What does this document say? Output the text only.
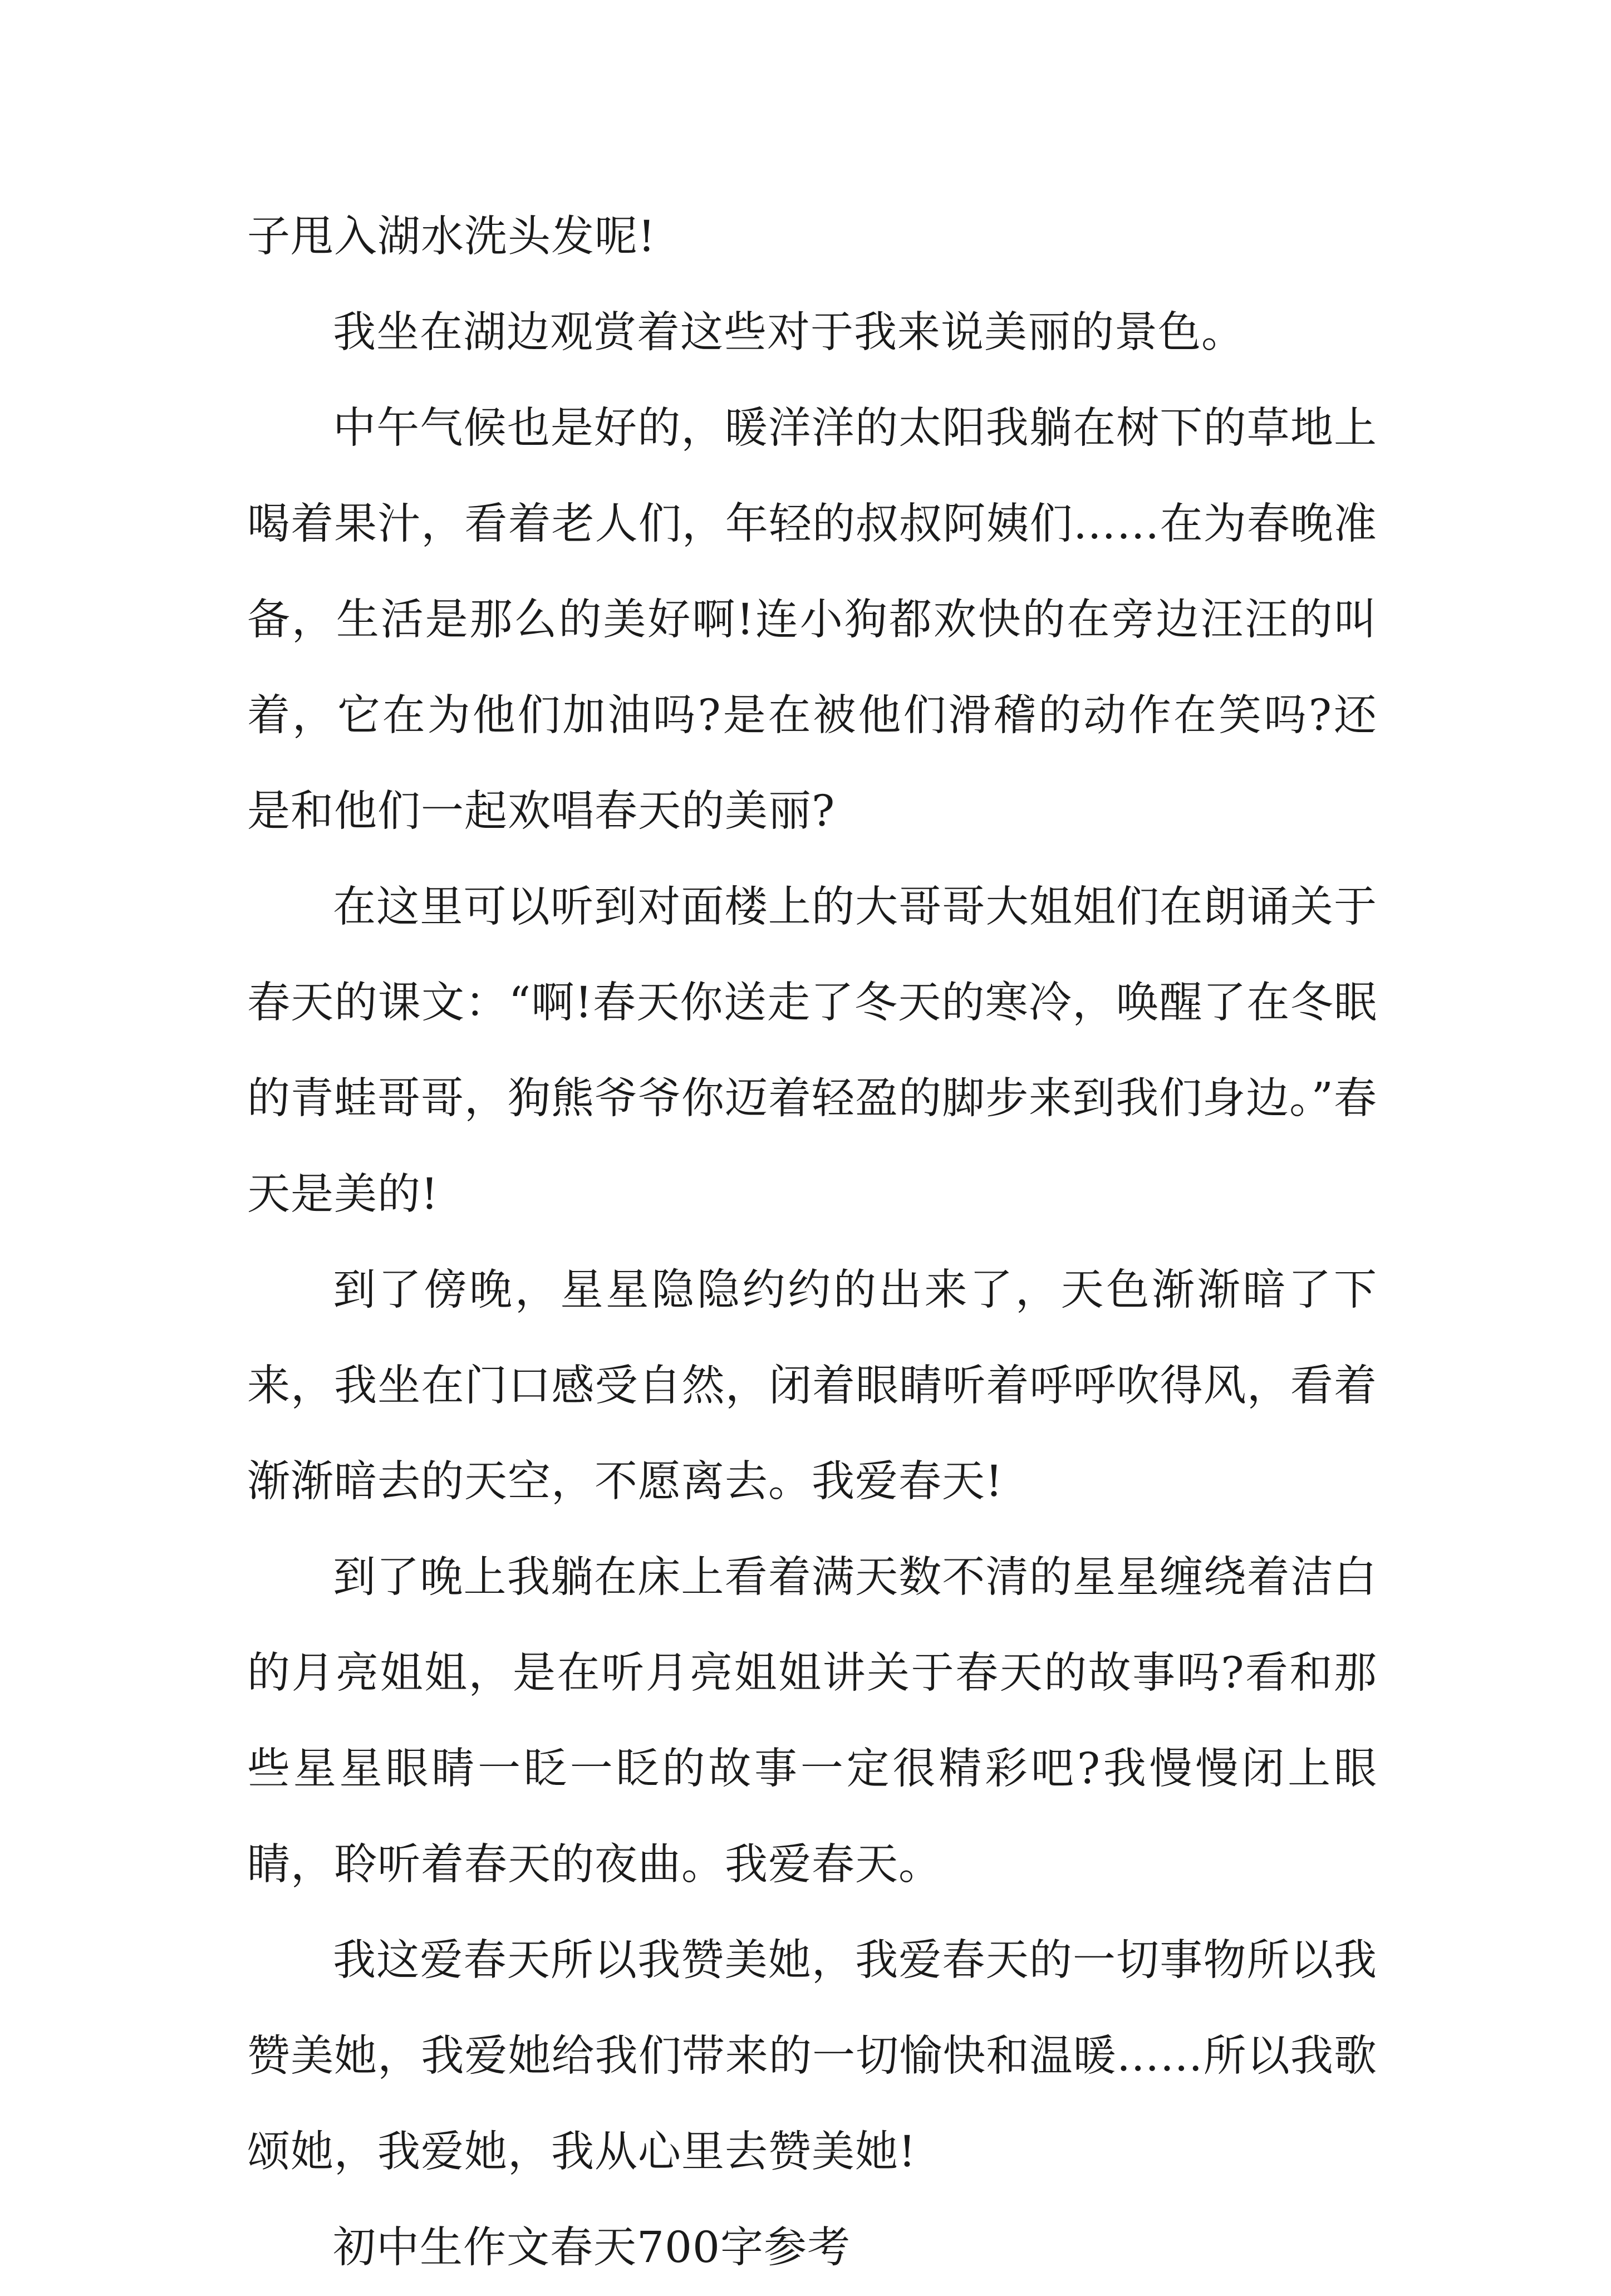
子甩入湖水洗头发呢!

我坐在湖边观赏着这些对于我来说美丽的景色。

中午气候也是好的，暖洋洋的太阳我躺在树下的草地上喝着果汁，看着老人们，年轻的叔叔阿姨们……在为春晚准备，生活是那么的美好啊!连小狗都欢快的在旁边汪汪的叫着，它在为他们加油吗?是在被他们滑稽的动作在笑吗?还是和他们一起欢唱春天的美丽?

在这里可以听到对面楼上的大哥哥大姐姐们在朗诵关于春天的课文：“啊!春天你送走了冬天的寒冷，唤醒了在冬眠的青蛙哥哥，狗熊爷爷你迈着轻盈的脚步来到我们身边。”春天是美的!

到了傍晚，星星隐隐约约的出来了，天色渐渐暗了下来，我坐在门口感受自然，闭着眼睛听着呼呼吹得风，看着渐渐暗去的天空，不愿离去。我爱春天!

到了晚上我躺在床上看着满天数不清的星星缠绕着洁白的月亮姐姐，是在听月亮姐姐讲关于春天的故事吗?看和那些星星眼睛一眨一眨的故事一定很精彩吧?我慢慢闭上眼睛，聆听着春天的夜曲。我爱春天。

我这爱春天所以我赞美她，我爱春天的一切事物所以我赞美她，我爱她给我们带来的一切愉快和温暖……所以我歌颂她，我爱她，我从心里去赞美她!

初中生作文春天700字参考
